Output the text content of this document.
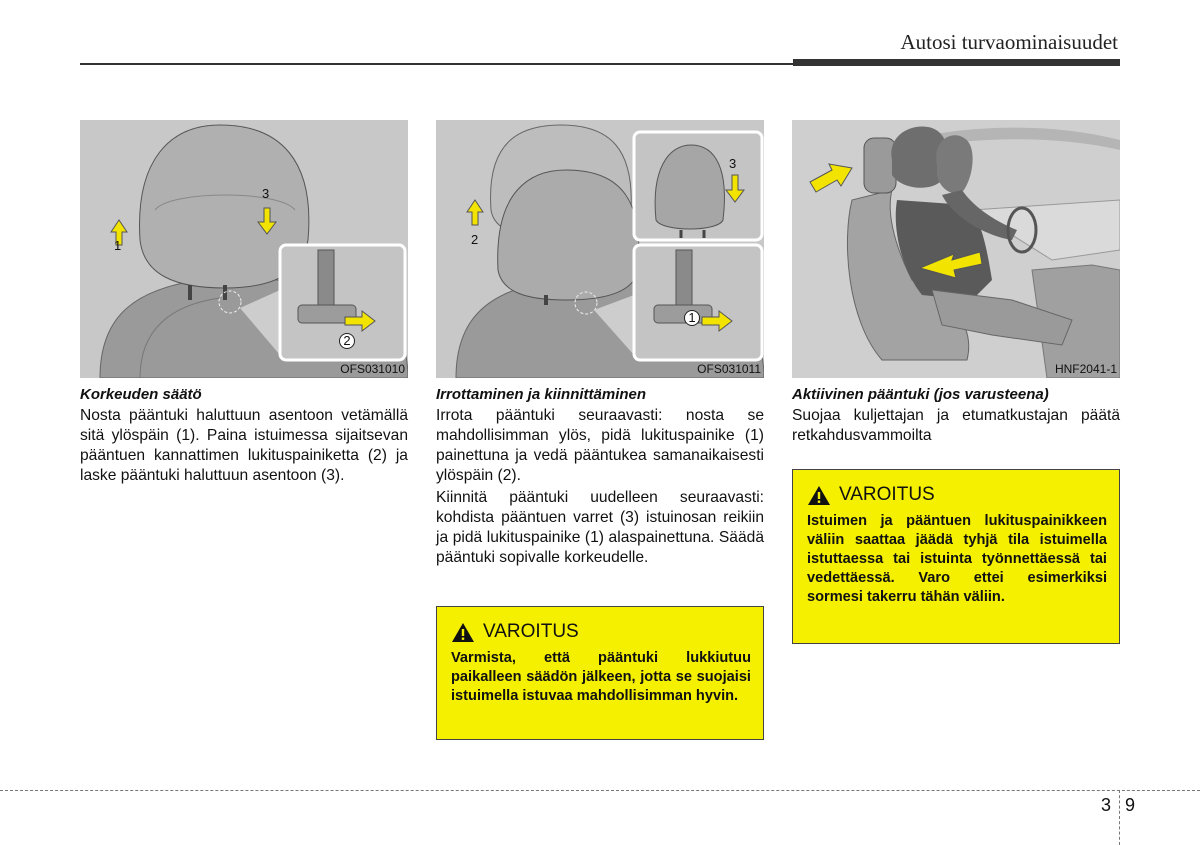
Autosi turvaominaisuudet
1
2
3
OFS031010
2
1
3
OFS031011	HNF2041-1
Korkeuden säätö

Nosta pääntuki haluttuun asentoon vetämällä sitä ylöspäin (1). Paina istuimessa sijaitsevan pääntuen kannattimen lukituspainiketta (2) ja laske pääntuki haluttuun asentoon (3).

Irrottaminen ja kiinnittäminen

Irrota pääntuki seuraavasti: nosta se mahdollisimman ylös, pidä lukituspainike (1) painettuna ja vedä pääntukea samanaikaisesti ylöspäin (2).

Kiinnitä pääntuki uudelleen seuraavasti: kohdista pääntuen varret (3) istuinosan reikiin ja pidä lukituspainike (1) alaspainettuna. Säädä pääntuki sopivalle korkeudelle.

VAROITUS
Varmista, että pääntuki lukkiutuu paikalleen säädön jälkeen, jotta se suojaisi istuimella istuvaa mahdollisimman hyvin.
Aktiivinen pääntuki (jos varusteena)

Suojaa kuljettajan ja etumatkustajan päätä retkahdusvammoilta

VAROITUS
Istuimen ja pääntuen lukituspainikkeen väliin saattaa jäädä tyhjä tila istuimella istuttaessa tai istuinta työnnettäessä tai vedettäessä. Varo ettei esimerkiksi sormesi takerru tähän väliin.
3 9
